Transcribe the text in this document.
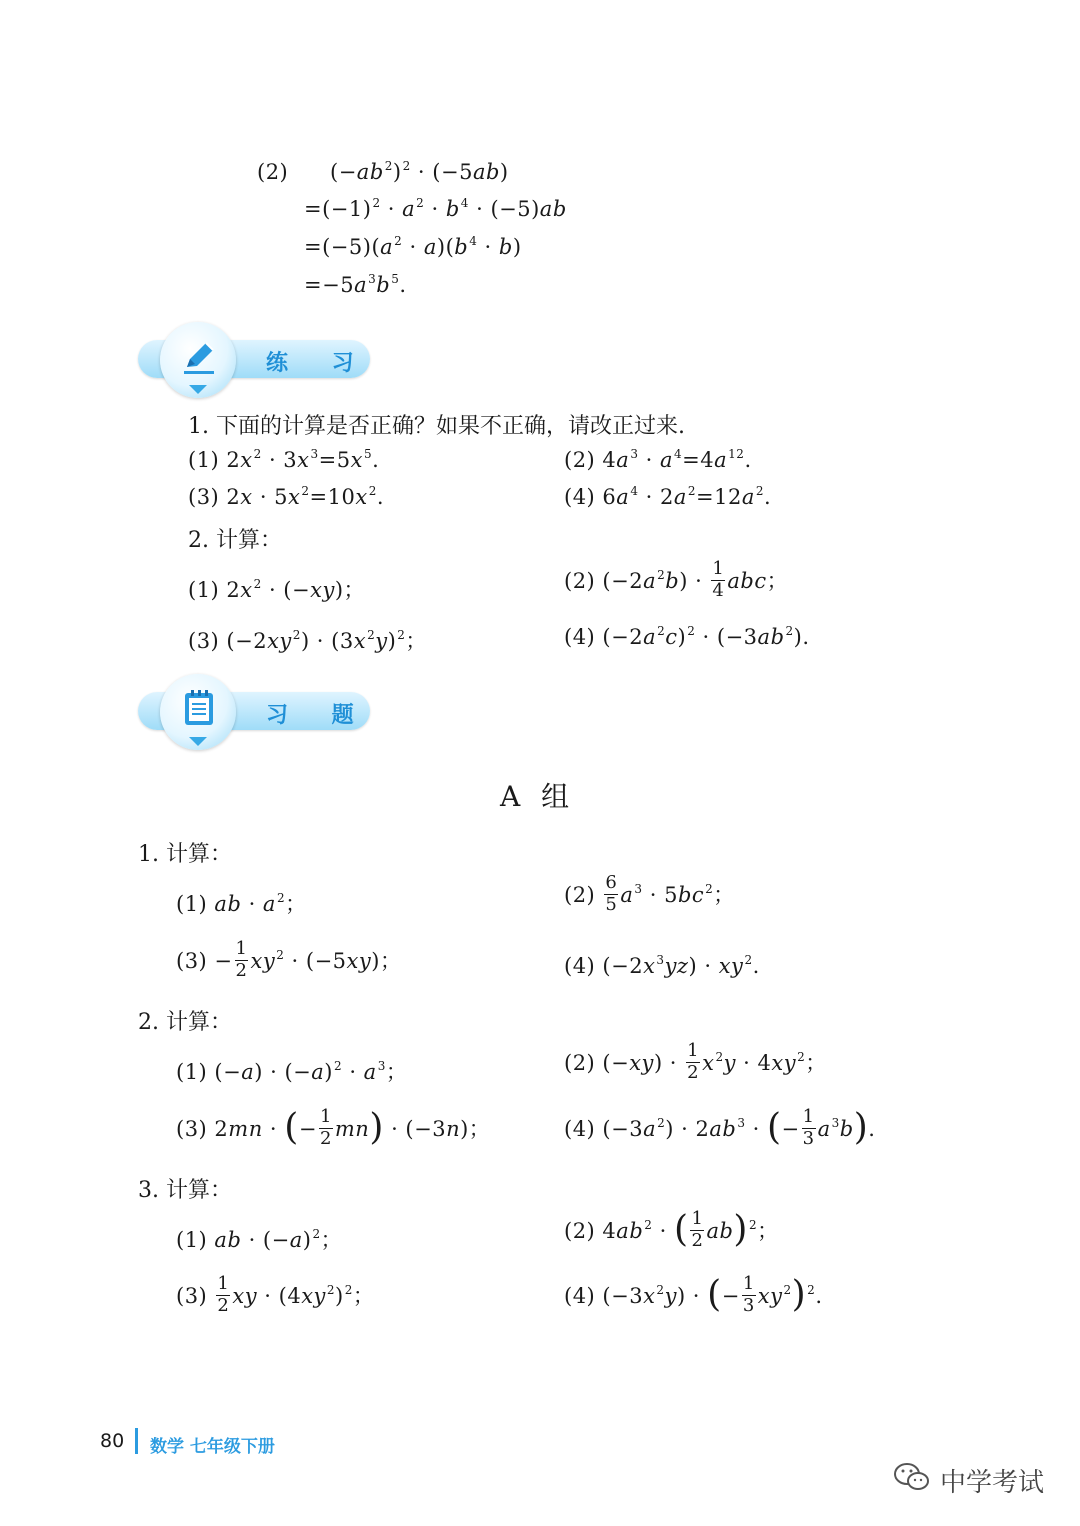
(2) $(-ab^2)^2 \cdot (-5ab)$
$=(-1)^2 \cdot a^2 \cdot b^4 \cdot (-5)ab$
$=(-5)(a^2 \cdot a)(b^4 \cdot b)$
$=-5a^3b^5$.
练 习
1. 下面的计算是否正确？如果不正确，请改正过来.
(1) $2x^2 \cdot 3x^3=5x^5$.	(2) $4a^3 \cdot a^4=4a^{12}$.
(3) $2x \cdot 5x^2=10x^2$.	(4) $6a^4 \cdot 2a^2=12a^2$.
2. 计算：
(1) $2x^2 \cdot (-xy)$；	(2) $(-2a^2b) \cdot \frac{1}{4}$ abc；
(3) $(-2xy^2) \cdot (3x^2y)^2$；	(4) $(-2a^2c)^2 \cdot (-3ab^2)$.
习 题
A 组
1. 计算：
(1) ab · $a^2$；	$(2) \frac{6}{5} a^3 \cdot 5bc^2$；
$(3) - \frac{1}{2} xy^2 \cdot (-5xy)$；	(4) $(-2x^3yz) \cdot xy^2$.
2. 计算：
(1) $(-a) \cdot (-a)^2 \cdot a^3$；	(2) $(-xy) \cdot \frac{1}{2} x^2y \cdot 4xy^2$；
(3) 2mn · (− $\frac{1}{2} mn) \cdot (-3n)$；	(4) $(-3a^2) \cdot 2ab^3$ · (− $\frac{1}{3} a^3b$).
3. 计算：
(1) ab · $(-a)^2$；	(2) $4ab^2$ · ( $\frac{1}{2} ab)^2$；
$(3) \frac{1}{2}$ xy · $(4xy^2)^2$；	(4) $(-3x^2y)$ · (− $\frac{1}{3} xy^2)^2$.
80 数学 七年级下册
中学考试
